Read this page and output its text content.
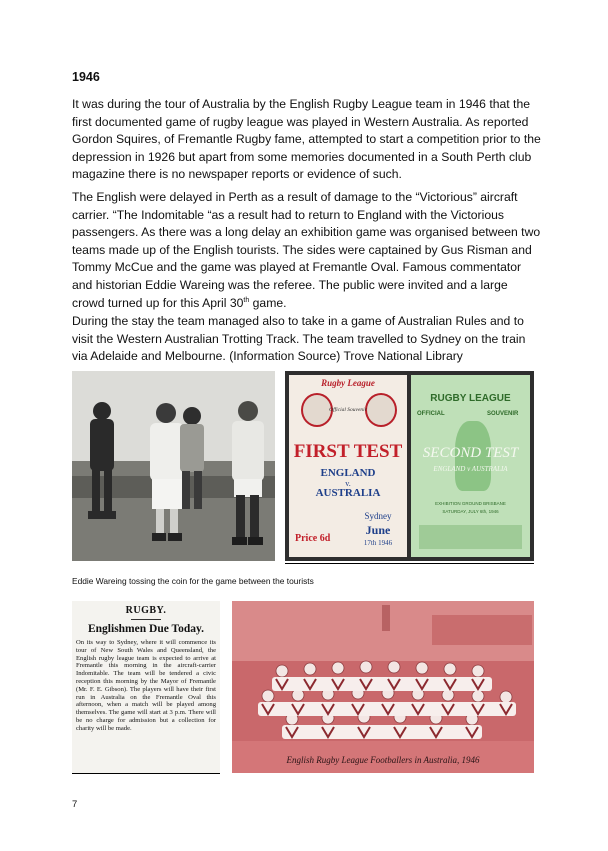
1946

It was during the tour of Australia by the English Rugby League team in 1946 that the first documented game of rugby league was played in Western Australia. As reported Gordon Squires, of Fremantle Rugby fame, attempted to start a competition prior to the depression in 1926 but apart from some memories documented in a South Perth club magazine there is no newspaper reports or evidence of such.

The English were delayed in Perth as a result of damage to the “Victorious” aircraft carrier. “The Indomitable “as a result had to return to England with the Victorious passengers. As there was a long delay an exhibition game was organised between two teams made up of the English tourists. The sides were captained by Gus Risman and Tommy McCue and the game was played at Fremantle Oval. Famous commentator and historian Eddie Wareing was the referee. The public were invited and a large crowd turned up for this April 30th game.

During the stay the team managed also to take in a game of Australian Rules and to visit the Western Australian Trotting Track. The team travelled to Sydney on the train via Adelaide and Melbourne. (Information Source) Trove National Library

Rugby League
Official Souvenir
FIRST TEST
ENGLAND
v.
AUSTRALIA
Sydney
June
17th 1946
Price 6d
RUGBY LEAGUE
OFFICIAL	SOUVENIR
SECOND TEST
ENGLAND v AUSTRALIA
EXHIBITION GROUND BRISBANE
SATURDAY, JULY 6th, 1946
Eddie Wareing tossing the coin for the game between the tourists
RUGBY.
Englishmen Due Today.
On its way to Sydney, where it will commence its tour of New South Wales and Queensland, the English rugby league team is expected to arrive at Fremantle this morning in the aircraft-carrier Indomitable. The team will be tendered a civic reception this morning by the Mayor of Fremantle (Mr. F. E. Gibson). The players will have their first run in Australia on the Fremantle Oval this afternoon, when a match will be played among themselves. The game will start at 3 p.m. There will be no charge for admission but a collection for charity will be made.
English Rugby League Footballers in Australia, 1946
7
